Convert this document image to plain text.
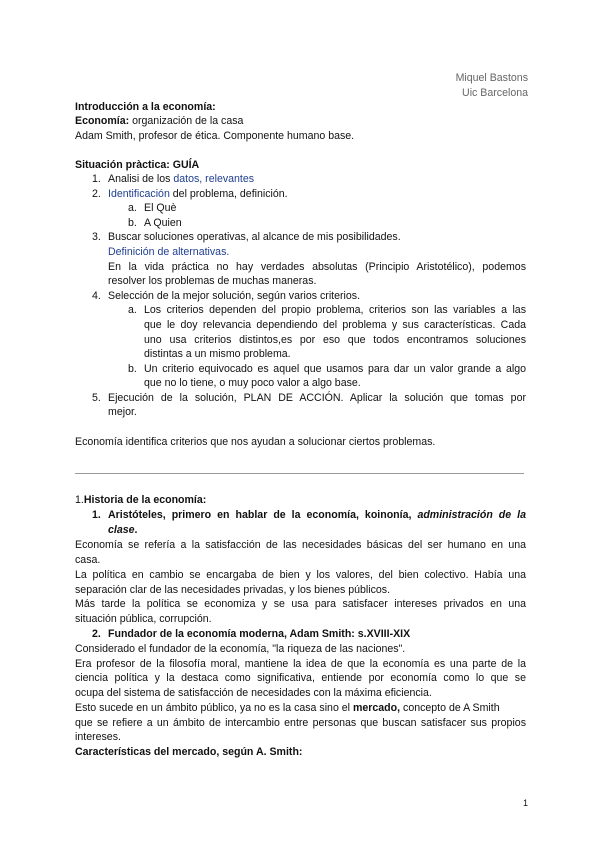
Miquel Bastons
Uic Barcelona
Introducción a la economía:
Economía: organización de la casa
Adam Smith, profesor de ética. Componente humano base.
Situación pràctica: GUÍA
1. Analisi de los datos, relevantes
2. Identificación del problema, definición.
a. El Què
b. A Quien
3. Buscar soluciones operativas, al alcance de mis posibilidades.
Definición de alternativas.
En la vida práctica no hay verdades absolutas (Principio Aristotélico), podemos
resolver los problemas de muchas maneras.
4. Selección de la mejor solución, según varios criterios.
a. Los criterios dependen del propio problema, criterios son las variables a las
que le doy relevancia dependiendo del problema y sus características. Cada
uno usa criterios distintos,es por eso que todos encontramos soluciones
distintas a un mismo problema.
b. Un criterio equivocado es aquel que usamos para dar un valor grande a algo
que no lo tiene, o muy poco valor a algo base.
5. Ejecución de la solución, PLAN DE ACCIÓN. Aplicar la solución que tomas por
mejor.
Economía identifica criterios que nos ayudan a solucionar ciertos problemas.
1.Historia de la economía:
1. Aristóteles, primero en hablar de la economía, koinonía, administración de la
clase.
Economía se refería a la satisfacción de las necesidades básicas del ser humano en una
casa.
La política en cambio se encargaba de bien y los valores, del bien colectivo. Había una
separación clar de las necesidades privadas, y los bienes públicos.
Más tarde la política se economiza y se usa para satisfacer intereses privados en una
situación pública, corrupción.
2. Fundador de la economía moderna, Adam Smith: s.XVIII-XIX
Considerado el fundador de la economía, "la riqueza de las naciones".
Era profesor de la filosofía moral, mantiene la idea de que la economía es una parte de la
ciencia política y la destaca como significativa, entiende por economía como lo que se
ocupa del sistema de satisfacción de necesidades con la máxima eficiencia.
Esto sucede en un ámbito público, ya no es la casa sino el mercado, concepto de A Smith
que se refiere a un ámbito de intercambio entre personas que buscan satisfacer sus propios
intereses.
Características del mercado, según A. Smith:
1
